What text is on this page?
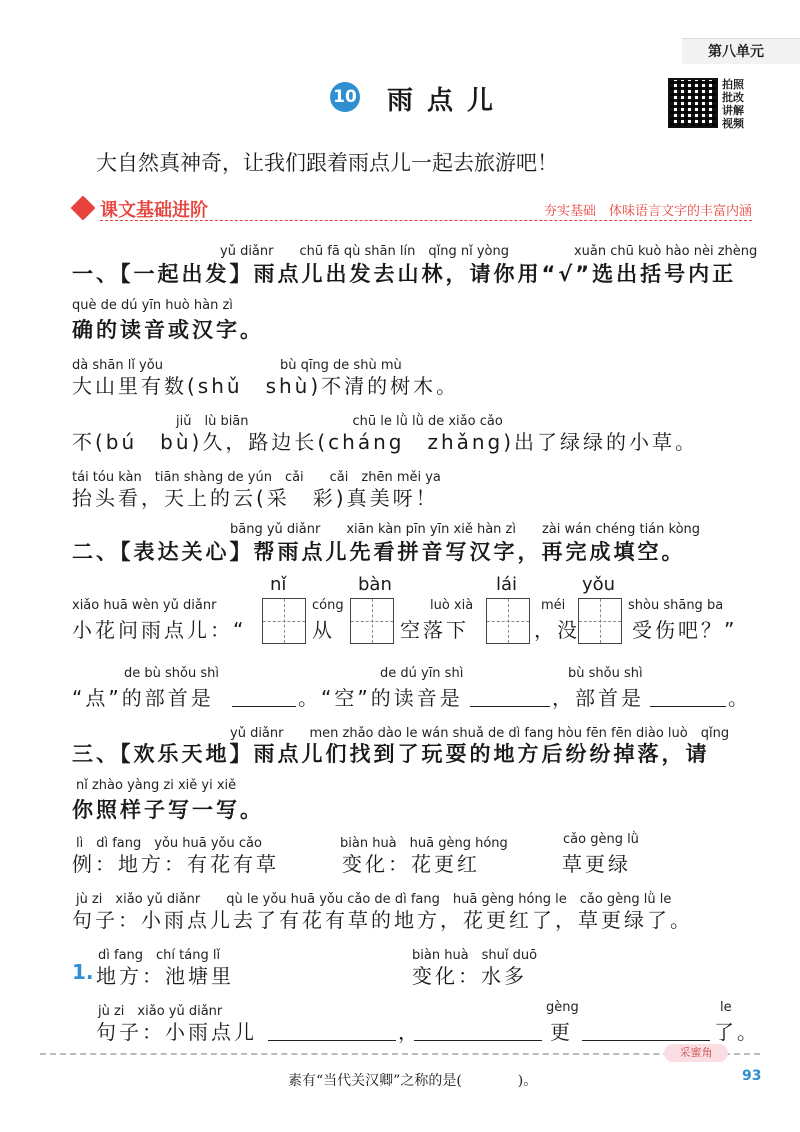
第八单元
10 雨点儿
拍照批改讲解视频
大自然真神奇，让我们跟着雨点儿一起去旅游吧！
课文基础进阶	夯实基础　体味语言文字的丰富内涵
yǔ diǎnr　　chū fā qù shān lín　qǐng nǐ yòng　　　　　xuǎn chū kuò hào nèi zhèng
一、【一起出发】雨点儿出发去山林，请你用“√”选出括号内正
què de dú yīn huò hàn zì
确的读音或汉字。
dà shān lǐ yǒu　　　　　　　　　bù qīng de shù mù
大山里有数(shǔ　shù)不清的树木。
jiǔ　lù biān　　　　　　　　chū le lǜ lǜ de xiǎo cǎo
不(bú　bù)久，路边长(cháng　zhǎng)出了绿绿的小草。
tái tóu kàn　tiān shàng de yún　cǎi　　cǎi　zhēn měi ya
抬头看，天上的云(采　彩)真美呀！
bāng yǔ diǎnr　　xiān kàn pīn yīn xiě hàn zì　　zài wán chéng tián kòng
二、【表达关心】帮雨点儿先看拼音写汉字，再完成填空。
nǐ	bàn	lái	yǒu
xiǎo huā wèn yǔ diǎnr	cóng	luò xià	méi	shòu shāng ba
小花问雨点儿：“	从	空落下	，没	受伤吧？”
de bù shǒu shì	de dú yīn shì	bù shǒu shì
“点”的部首是	。“空”的读音是	，部首是	。
yǔ diǎnr　　men zhǎo dào le wán shuǎ de dì fang hòu fēn fēn diào luò　qǐng
三、【欢乐天地】雨点儿们找到了玩耍的地方后纷纷掉落，请
nǐ zhào yàng zi xiě yi xiě
你照样子写一写。
lì　dì fang　yǒu huā yǒu cǎo	biàn huà　huā gèng hóng	cǎo gèng lǜ
例：地方：有花有草	变化：花更红	草更绿
jù zi　xiǎo yǔ diǎnr　　qù le yǒu huā yǒu cǎo de dì fang　huā gèng hóng le　cǎo gèng lǜ le
句子：小雨点儿去了有花有草的地方，花更红了，草更绿了。
dì fang　chí táng lǐ	biàn huà　shuǐ duō
1. 地方：池塘里	变化：水多
jù zi　xiǎo yǔ diǎnr	gèng	le
句子：小雨点儿	，	更	了。
采蜜角
素有“当代关汉卿”之称的是(　　　　)。	93
